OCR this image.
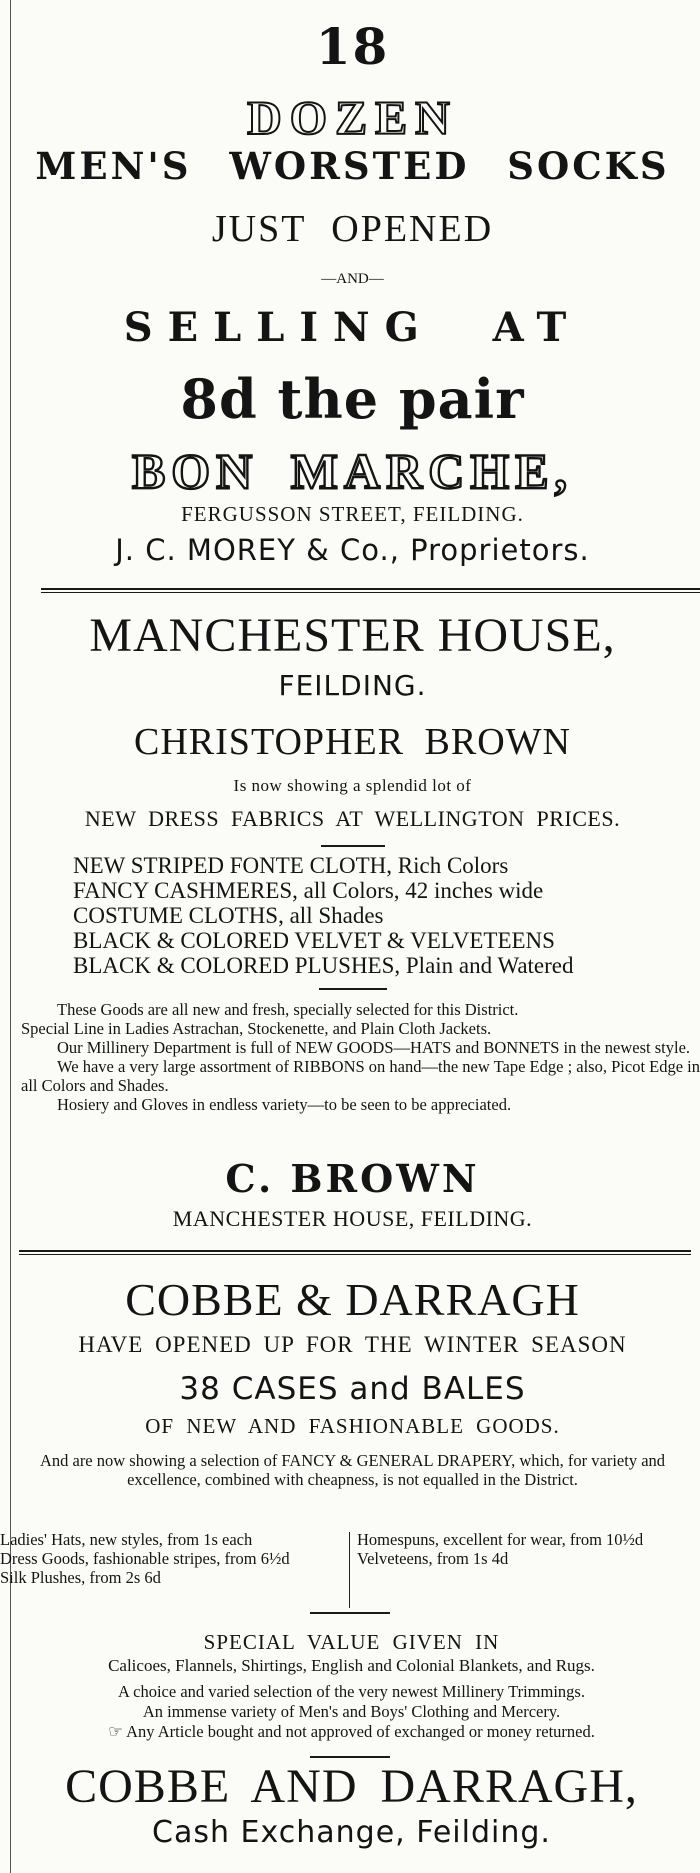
18
DOZEN
MEN'S WORSTED SOCKS
JUST OPENED
—AND—
SELLING AT
8d the pair
BON MARCHE,
FERGUSSON STREET, FEILDING.
J. C. MOREY & Co., Proprietors.
MANCHESTER HOUSE,
FEILDING.
CHRISTOPHER BROWN
Is now showing a splendid lot of
NEW DRESS FABRICS AT WELLINGTON PRICES.
NEW STRIPED FONTE CLOTH, Rich Colors
FANCY CASHMERES, all Colors, 42 inches wide
COSTUME CLOTHS, all Shades
BLACK & COLORED VELVET & VELVETEENS
BLACK & COLORED PLUSHES, Plain and Watered

These Goods are all new and fresh, specially selected for this District.

Special Line in Ladies Astrachan, Stockenette, and Plain Cloth Jackets.

Our Millinery Department is full of NEW GOODS—HATS and BONNETS in the newest style.

We have a very large assortment of RIBBONS on hand—the new Tape Edge ; also, Picot Edge in all Colors and Shades.

Hosiery and Gloves in endless variety—to be seen to be appreciated.

C. BROWN
MANCHESTER HOUSE, FEILDING.
COBBE & DARRAGH
HAVE OPENED UP FOR THE WINTER SEASON
38 CASES and BALES
OF NEW AND FASHIONABLE GOODS.
And are now showing a selection of FANCY & GENERAL DRAPERY, which, for variety and excellence, combined with cheapness, is not equalled in the District.
Ladies' Hats, new styles, from 1s each
Dress Goods, fashionable stripes, from 6½d
Silk Plushes, from 2s 6d
Homespuns, excellent for wear, from 10½d
Velveteens, from 1s 4d
SPECIAL VALUE GIVEN IN
Calicoes, Flannels, Shirtings, English and Colonial Blankets, and Rugs.
A choice and varied selection of the very newest Millinery Trimmings.
An immense variety of Men's and Boys' Clothing and Mercery.
☞ Any Article bought and not approved of exchanged or money returned.
COBBE AND DARRAGH,
Cash Exchange, Feilding.
